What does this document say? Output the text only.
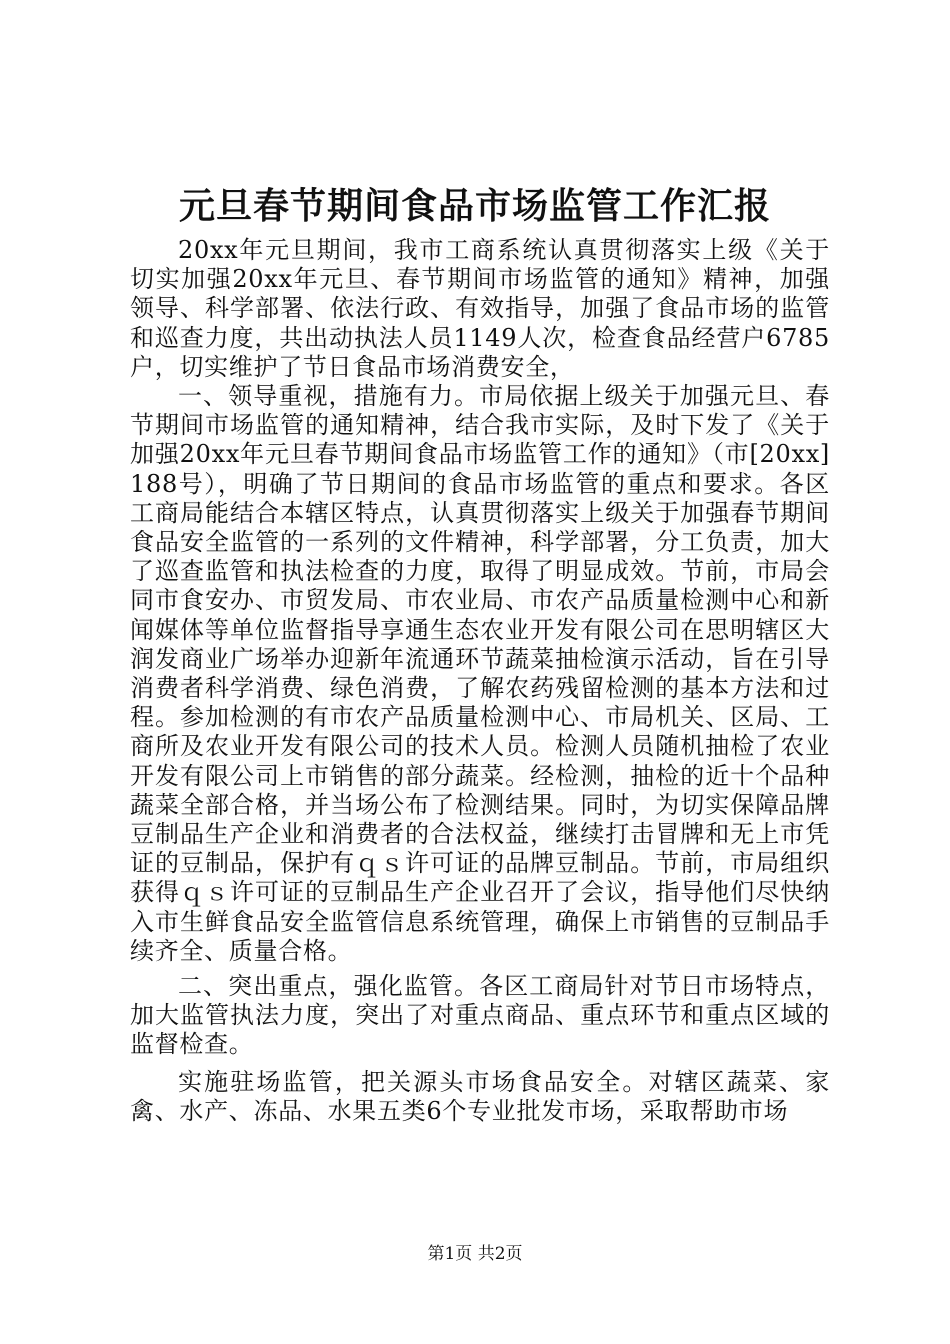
元旦春节期间食品市场监管工作汇报

20xx年元旦期间，我市工商系统认真贯彻落实上级《关于切实加强20xx年元旦、春节期间市场监管的通知》精神，加强领导、科学部署、依法行政、有效指导，加强了食品市场的监管和巡查力度，共出动执法人员1149人次，检查食品经营户6785户，切实维护了节日食品市场消费安全，

一、领导重视，措施有力。市局依据上级关于加强元旦、春节期间市场监管的通知精神，结合我市实际，及时下发了《关于加强20xx年元旦春节期间食品市场监管工作的通知》（市[20xx]188号），明确了节日期间的食品市场监管的重点和要求。各区工商局能结合本辖区特点，认真贯彻落实上级关于加强春节期间食品安全监管的一系列的文件精神，科学部署，分工负责，加大了巡查监管和执法检查的力度，取得了明显成效。节前，市局会同市食安办、市贸发局、市农业局、市农产品质量检测中心和新闻媒体等单位监督指导享通生态农业开发有限公司在思明辖区大润发商业广场举办迎新年流通环节蔬菜抽检演示活动，旨在引导消费者科学消费、绿色消费，了解农药残留检测的基本方法和过程。参加检测的有市农产品质量检测中心、市局机关、区局、工商所及农业开发有限公司的技术人员。检测人员随机抽检了农业开发有限公司上市销售的部分蔬菜。经检测，抽检的近十个品种蔬菜全部合格，并当场公布了检测结果。同时，为切实保障品牌豆制品生产企业和消费者的合法权益，继续打击冒牌和无上市凭证的豆制品，保护有ｑｓ许可证的品牌豆制品。节前，市局组织获得ｑｓ许可证的豆制品生产企业召开了会议，指导他们尽快纳入市生鲜食品安全监管信息系统管理，确保上市销售的豆制品手续齐全、质量合格。

二、突出重点，强化监管。各区工商局针对节日市场特点，加大监管执法力度，突出了对重点商品、重点环节和重点区域的监督检查。

实施驻场监管，把关源头市场食品安全。对辖区蔬菜、家禽、水产、冻品、水果五类6个专业批发市场，采取帮助市场

第1页 共2页
